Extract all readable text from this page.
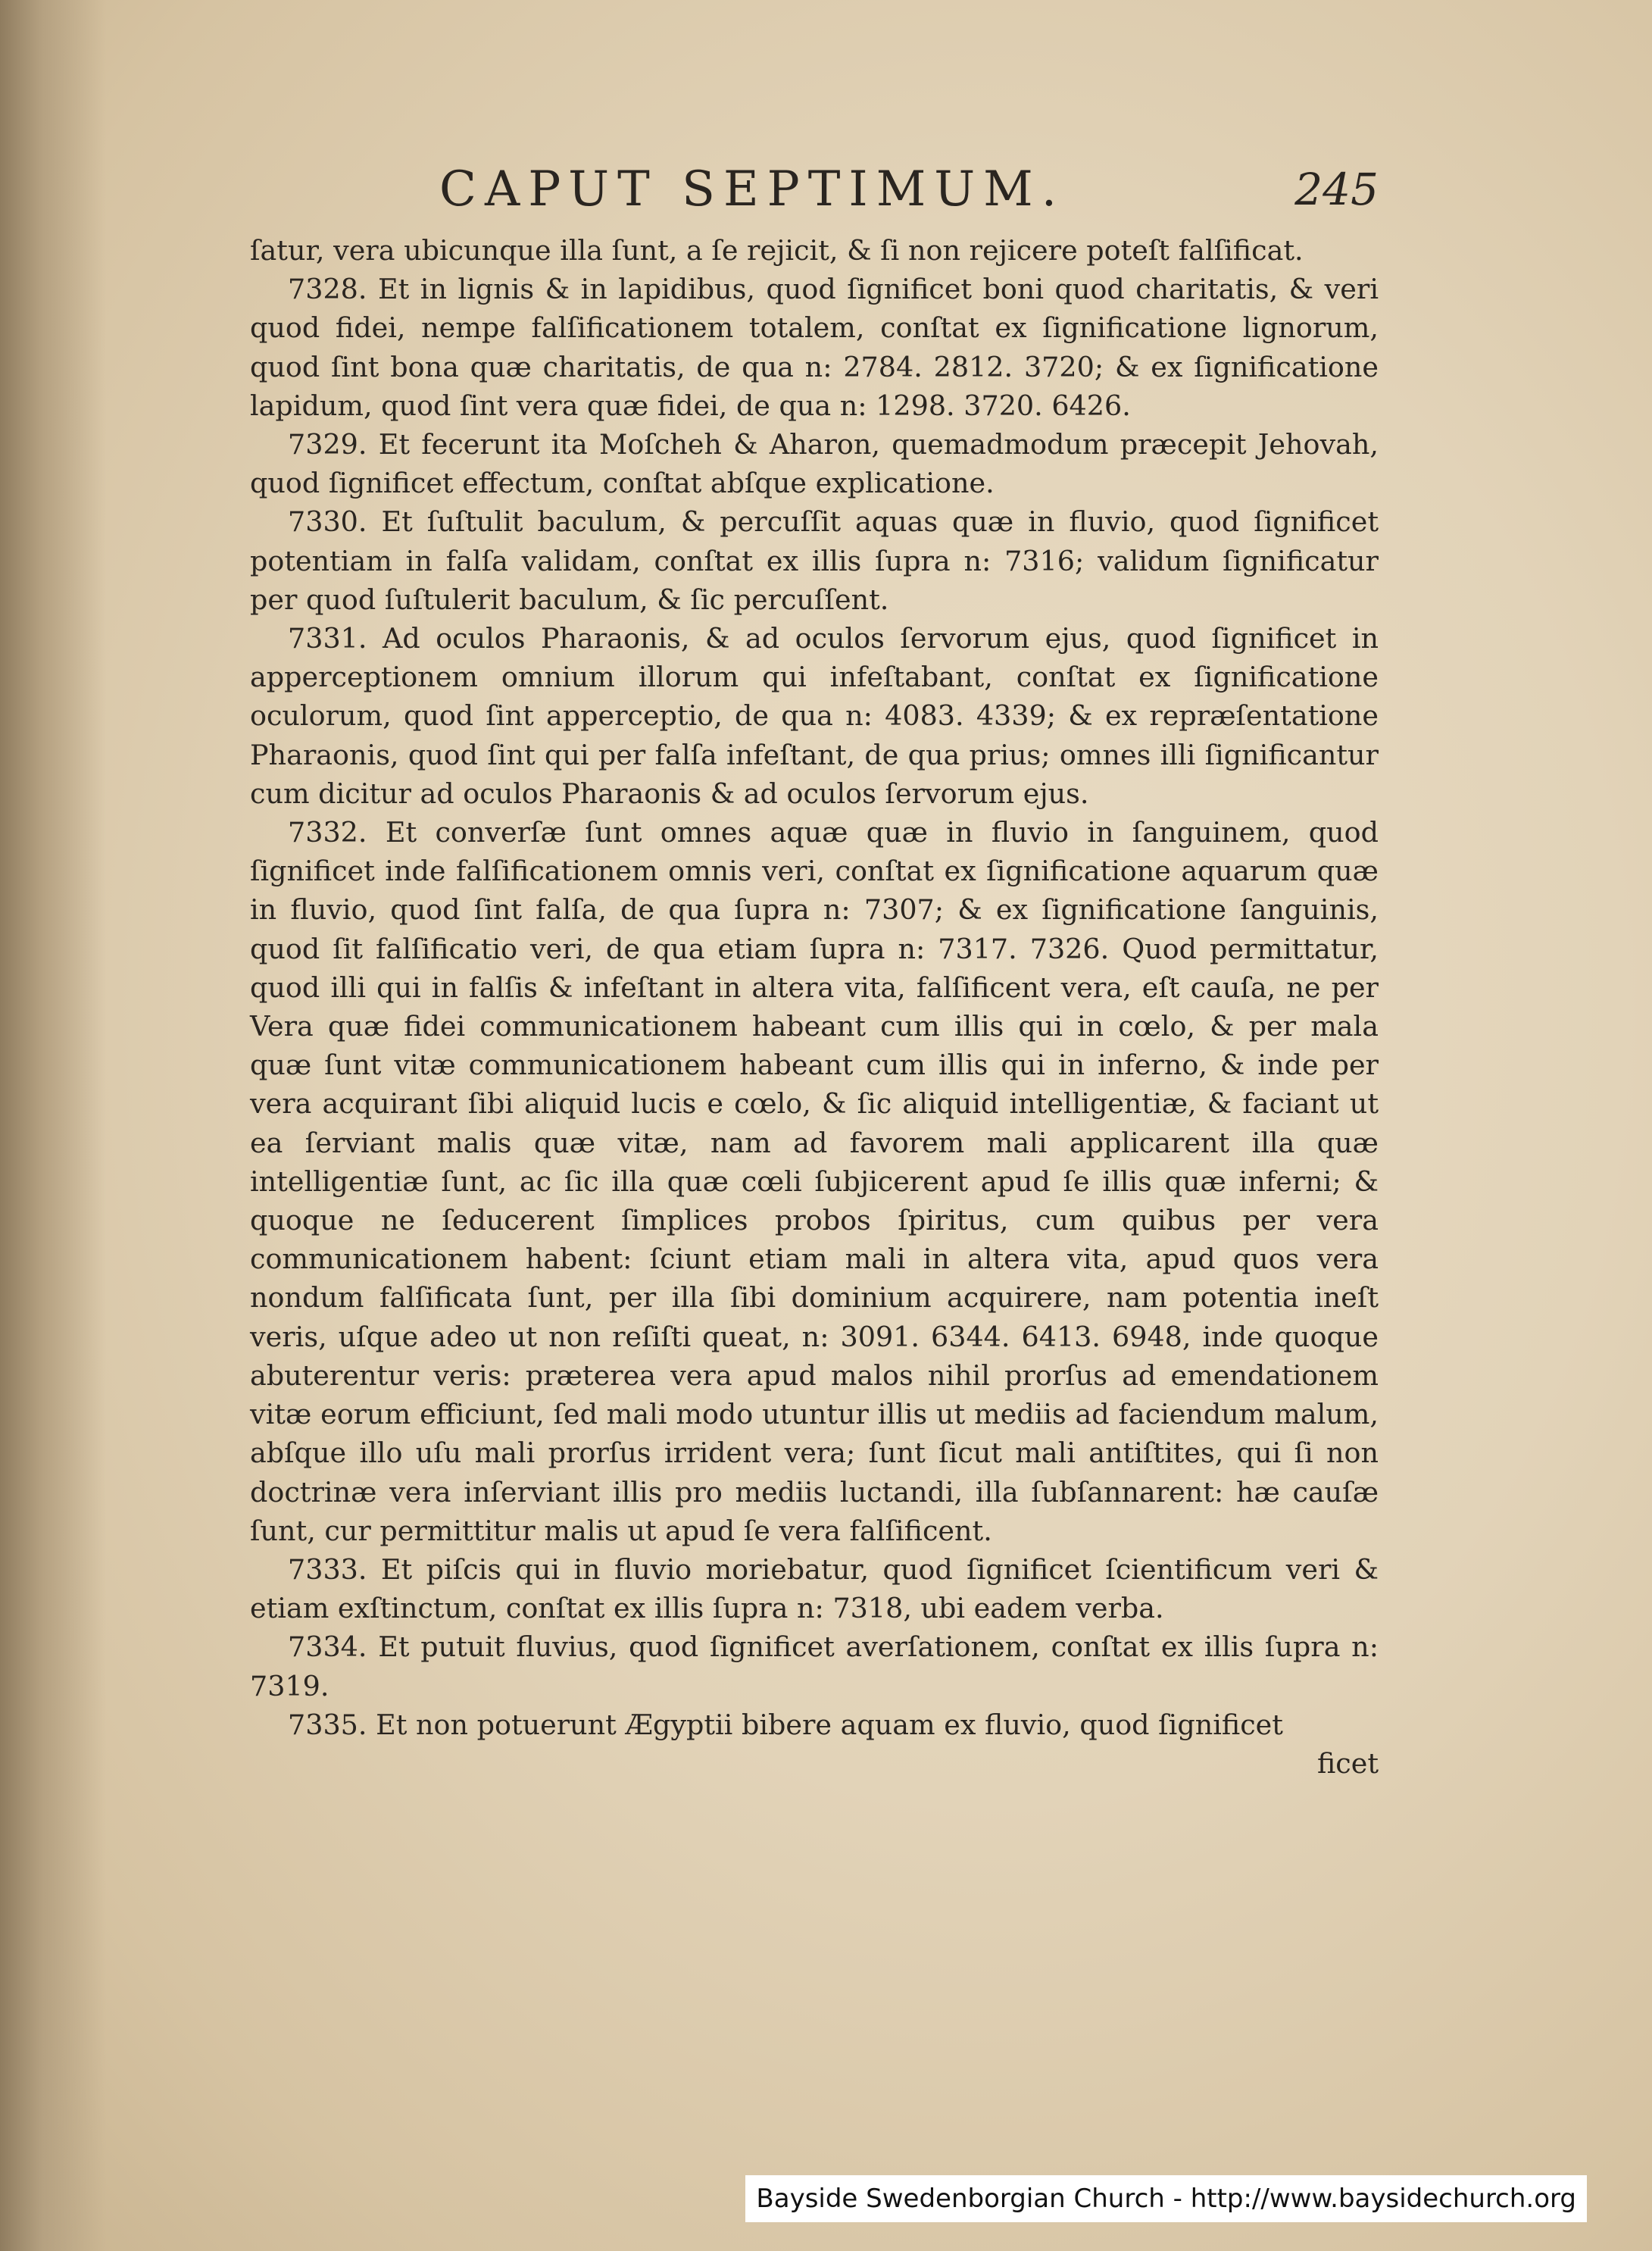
CAPUT SEPTIMUM.	245

ſatur, vera ubicunque illa ſunt, a ſe rejicit, & ſi non rejicere poteſt falſificat.

7328. Et in lignis & in lapidibus, quod ſignificet boni quod charitatis, & veri quod fidei, nempe falſificationem totalem, conſtat ex ſignificatione lignorum, quod ſint bona quæ charitatis, de qua n: 2784. 2812. 3720; & ex ſignificatione lapidum, quod ſint vera quæ fidei, de qua n: 1298. 3720. 6426.

7329. Et fecerunt ita Moſcheh & Aharon, quemadmodum præcepit Jehovah, quod ſignificet effectum, conſtat abſque explicatione.

7330. Et ſuſtulit baculum, & percuſſit aquas quæ in fluvio, quod ſignificet potentiam in falſa validam, conſtat ex illis ſupra n: 7316; validum ſignificatur per quod ſuſtulerit baculum, & ſic percuſſent.

7331. Ad oculos Pharaonis, & ad oculos ſervorum ejus, quod ſignificet in apperceptionem omnium illorum qui infeſtabant, conſtat ex ſignificatione oculorum, quod ſint apperceptio, de qua n: 4083. 4339; & ex repræſentatione Pharaonis, quod ſint qui per falſa infeſtant, de qua prius; omnes illi ſignificantur cum dicitur ad oculos Pharaonis & ad oculos ſervorum ejus.

7332. Et converſæ ſunt omnes aquæ quæ in fluvio in ſanguinem, quod ſignificet inde falſificationem omnis veri, conſtat ex ſignificatione aquarum quæ in fluvio, quod ſint falſa, de qua ſupra n: 7307; & ex ſignificatione ſanguinis, quod ſit falſificatio veri, de qua etiam ſupra n: 7317. 7326. Quod permittatur, quod illi qui in falſis & infeſtant in altera vita, falſificent vera, eſt cauſa, ne per Vera quæ fidei communicationem habeant cum illis qui in cœlo, & per mala quæ ſunt vitæ communicationem habeant cum illis qui in inferno, & inde per vera acquirant ſibi aliquid lucis e cœlo, & ſic aliquid intelligentiæ, & faciant ut ea ſerviant malis quæ vitæ, nam ad favorem mali applicarent illa quæ intelligentiæ ſunt, ac ſic illa quæ cœli ſubjicerent apud ſe illis quæ inferni; & quoque ne ſeducerent ſimplices probos ſpiritus, cum quibus per vera communicationem habent: ſciunt etiam mali in altera vita, apud quos vera nondum falſificata ſunt, per illa ſibi dominium acquirere, nam potentia ineſt veris, uſque adeo ut non reſiſti queat, n: 3091. 6344. 6413. 6948, inde quoque abuterentur veris: præterea vera apud malos nihil prorſus ad emendationem vitæ eorum efficiunt, ſed mali modo utuntur illis ut mediis ad faciendum malum, abſque illo uſu mali prorſus irrident vera; ſunt ſicut mali antiſtites, qui ſi non doctrinæ vera inſerviant illis pro mediis luctandi, illa ſubſannarent: hæ cauſæ ſunt, cur permittitur malis ut apud ſe vera falſificent.

7333. Et piſcis qui in fluvio moriebatur, quod ſignificet ſcientificum veri & etiam exſtinctum, conſtat ex illis ſupra n: 7318, ubi eadem verba.

7334. Et putuit fluvius, quod ſignificet averſationem, conſtat ex illis ſupra n: 7319.

7335. Et non potuerunt Ægyptii bibere aquam ex fluvio, quod ſignificet

ficet

Bayside Swedenborgian Church - http://www.baysidechurch.org
